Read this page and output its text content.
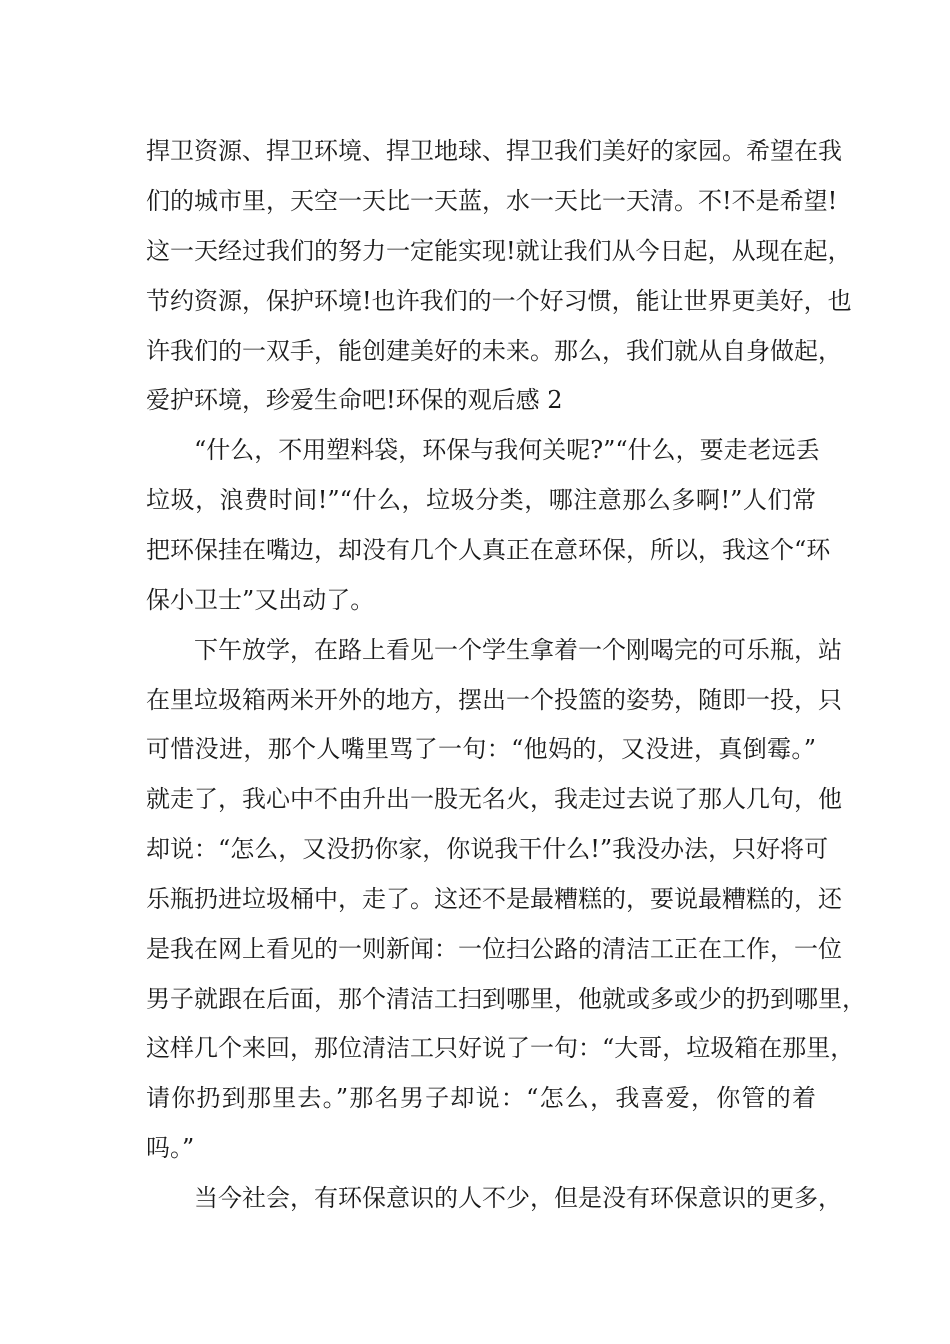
捍卫资源、捍卫环境、捍卫地球、捍卫我们美好的家园。希望在我
们的城市里，天空一天比一天蓝，水一天比一天清。不!不是希望!
这一天经过我们的努力一定能实现!就让我们从今日起，从现在起，
节约资源，保护环境!也许我们的一个好习惯，能让世界更美好，也
许我们的一双手，能创建美好的未来。那么，我们就从自身做起，
爱护环境，珍爱生命吧!环保的观后感 2
“什么，不用塑料袋，环保与我何关呢?”“什么，要走老远丢
垃圾，浪费时间!”“什么，垃圾分类，哪注意那么多啊!”人们常
把环保挂在嘴边，却没有几个人真正在意环保，所以，我这个“环
保小卫士”又出动了。
下午放学，在路上看见一个学生拿着一个刚喝完的可乐瓶，站
在里垃圾箱两米开外的地方，摆出一个投篮的姿势，随即一投，只
可惜没进，那个人嘴里骂了一句：“他妈的，又没进，真倒霉。”
就走了，我心中不由升出一股无名火，我走过去说了那人几句，他
却说：“怎么，又没扔你家，你说我干什么!”我没办法，只好将可
乐瓶扔进垃圾桶中，走了。这还不是最糟糕的，要说最糟糕的，还
是我在网上看见的一则新闻：一位扫公路的清洁工正在工作，一位
男子就跟在后面，那个清洁工扫到哪里，他就或多或少的扔到哪里，
这样几个来回，那位清洁工只好说了一句：“大哥，垃圾箱在那里，
请你扔到那里去。”那名男子却说：“怎么，我喜爱，你管的着
吗。”
当今社会，有环保意识的人不少，但是没有环保意识的更多，
